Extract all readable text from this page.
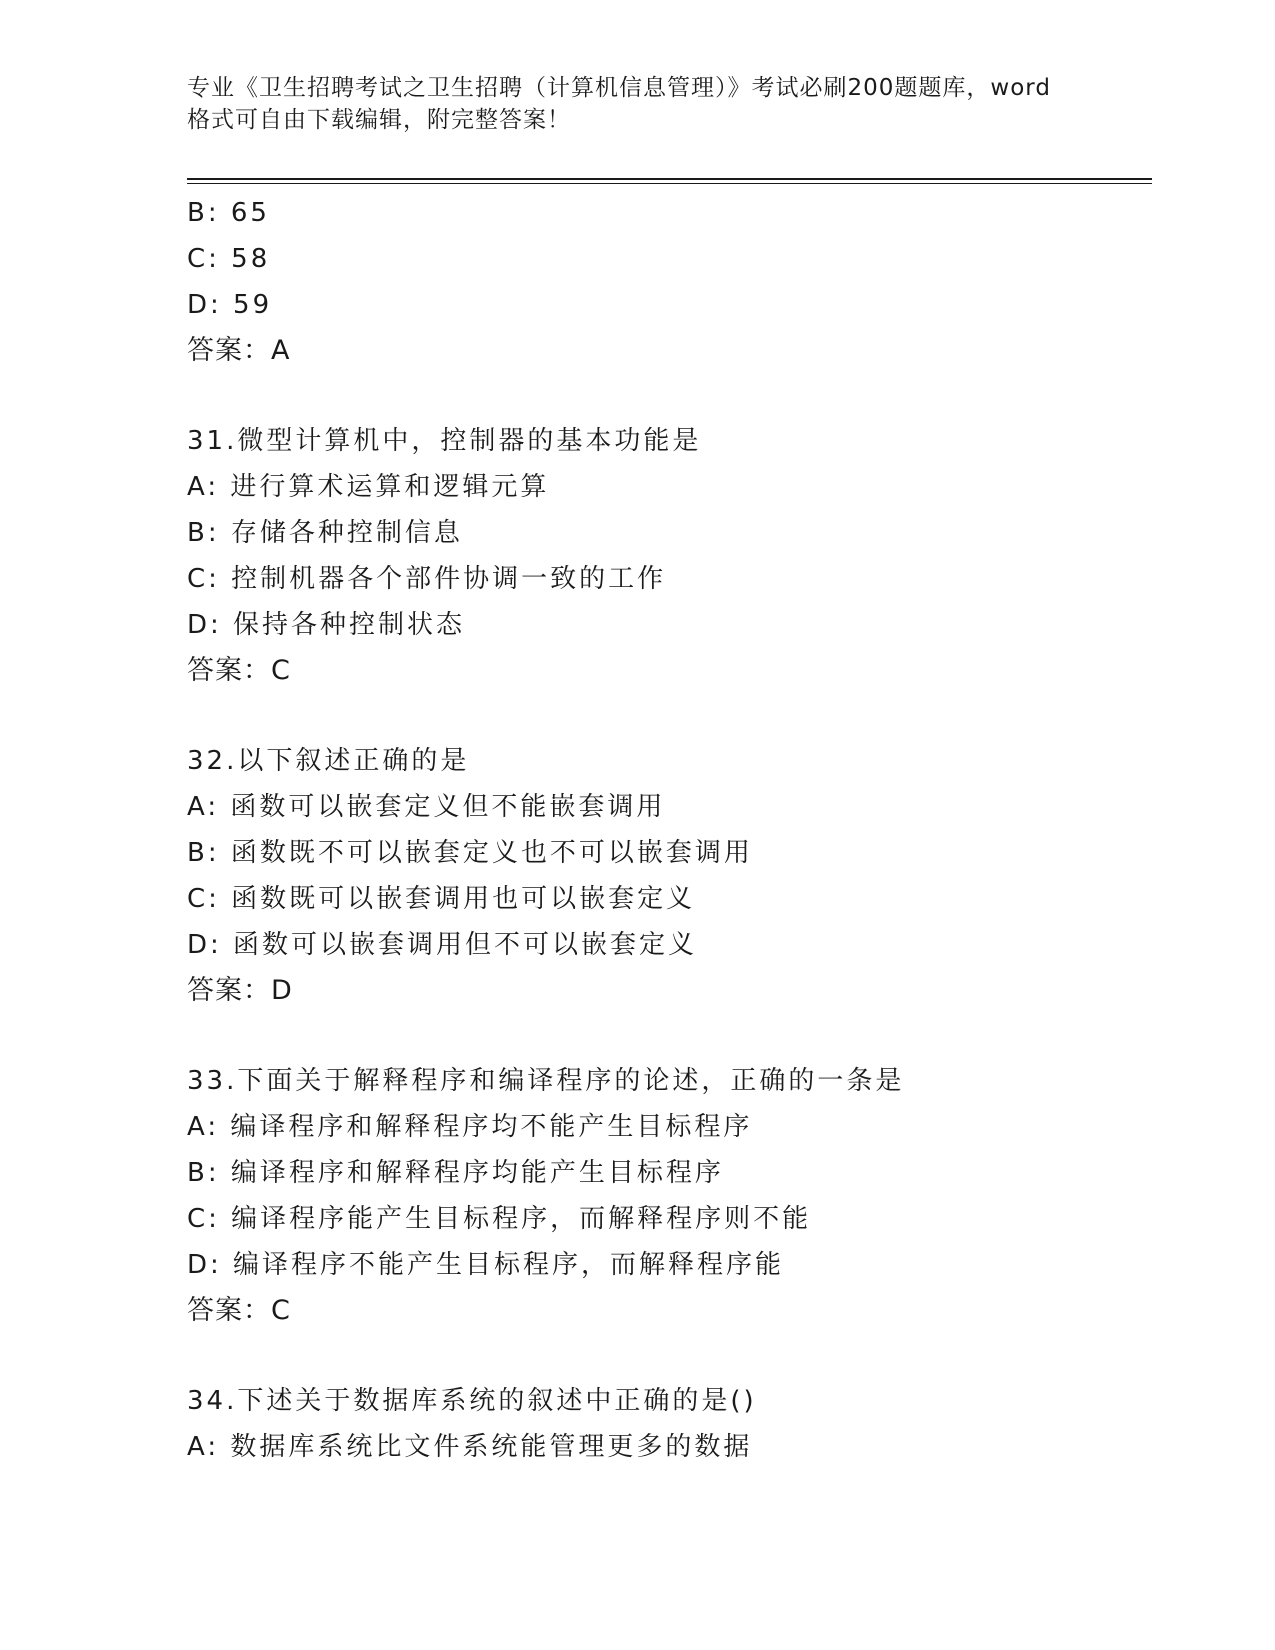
专业《卫生招聘考试之卫生招聘（计算机信息管理）》考试必刷200题题库，word
格式可自由下载编辑，附完整答案！
B: 65
C: 58
D: 59
答案：A
31.微型计算机中，控制器的基本功能是
A: 进行算术运算和逻辑元算
B: 存储各种控制信息
C: 控制机器各个部件协调一致的工作
D: 保持各种控制状态
答案：C
32.以下叙述正确的是
A: 函数可以嵌套定义但不能嵌套调用
B: 函数既不可以嵌套定义也不可以嵌套调用
C: 函数既可以嵌套调用也可以嵌套定义
D: 函数可以嵌套调用但不可以嵌套定义
答案：D
33.下面关于解释程序和编译程序的论述，正确的一条是
A: 编译程序和解释程序均不能产生目标程序
B: 编译程序和解释程序均能产生目标程序
C: 编译程序能产生目标程序，而解释程序则不能
D: 编译程序不能产生目标程序，而解释程序能
答案：C
34.下述关于数据库系统的叙述中正确的是()
A: 数据库系统比文件系统能管理更多的数据
